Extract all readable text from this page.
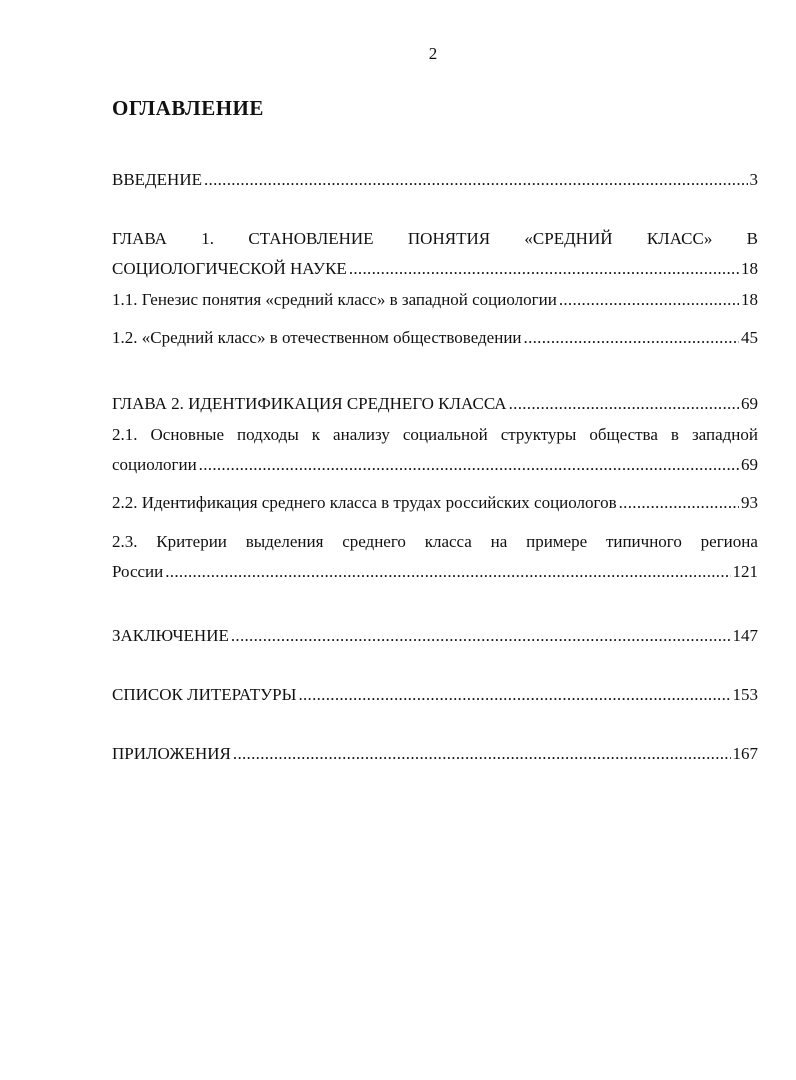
2
ОГЛАВЛЕНИЕ
ВВЕДЕНИЕ .....	3
ГЛАВА 1. СТАНОВЛЕНИЕ ПОНЯТИЯ «СРЕДНИЙ КЛАСС» В
СОЦИОЛОГИЧЕСКОЙ НАУКЕ .....	18
1.1. Генезис понятия «средний класс» в западной социологии .....	18
1.2. «Средний класс» в отечественном обществоведении .....	45
ГЛАВА 2. ИДЕНТИФИКАЦИЯ СРЕДНЕГО КЛАССА .....	69
2.1. Основные подходы к анализу социальной структуры общества в западной
социологии .....	69
2.2. Идентификация среднего класса в трудах российских социологов .....	93
2.3. Критерии выделения среднего класса на примере типичного региона
России .....	121
ЗАКЛЮЧЕНИЕ .....	147
СПИСОК ЛИТЕРАТУРЫ .....	153
ПРИЛОЖЕНИЯ .....	167
